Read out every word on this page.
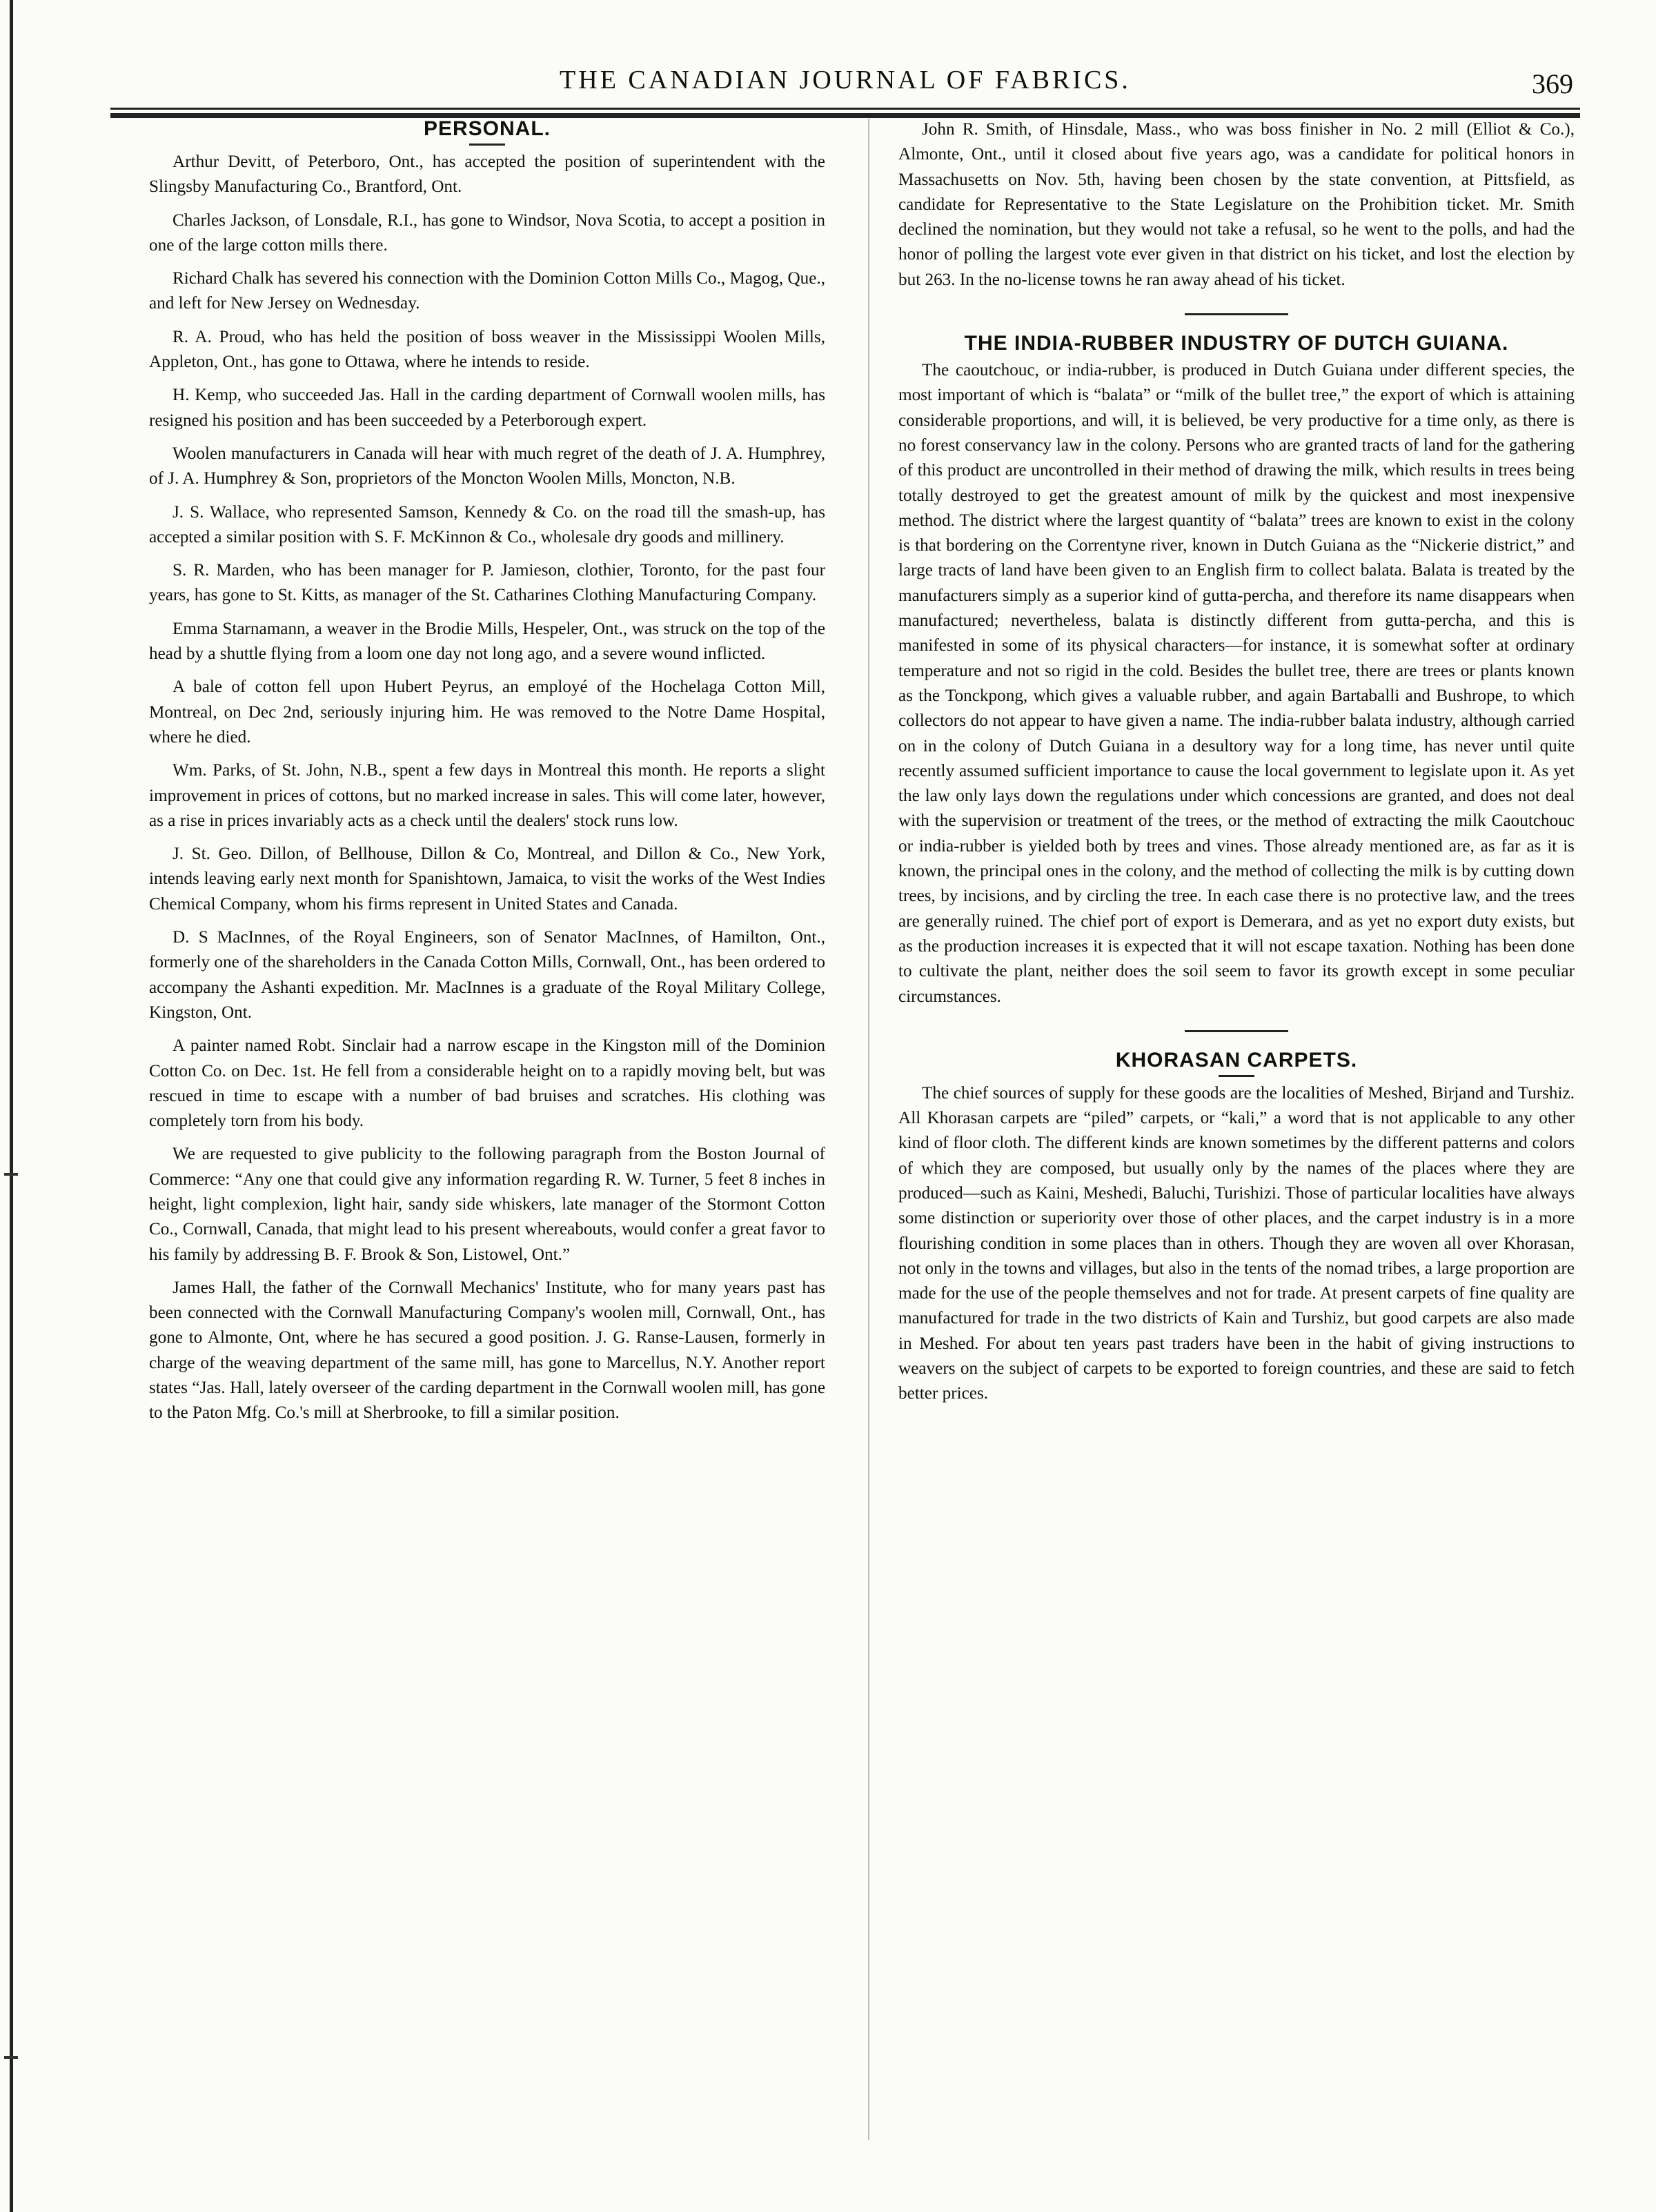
THE CANADIAN JOURNAL OF FABRICS.	369
PERSONAL.

Arthur Devitt, of Peterboro, Ont., has accepted the position of superintendent with the Slingsby Manufacturing Co., Brantford, Ont.

Charles Jackson, of Lonsdale, R.I., has gone to Windsor, Nova Scotia, to accept a position in one of the large cotton mills there.

Richard Chalk has severed his connection with the Dominion Cotton Mills Co., Magog, Que., and left for New Jersey on Wednesday.

R. A. Proud, who has held the position of boss weaver in the Mississippi Woolen Mills, Appleton, Ont., has gone to Ottawa, where he intends to reside.

H. Kemp, who succeeded Jas. Hall in the carding department of Cornwall woolen mills, has resigned his position and has been succeeded by a Peterborough expert.

Woolen manufacturers in Canada will hear with much regret of the death of J. A. Humphrey, of J. A. Humphrey & Son, proprietors of the Moncton Woolen Mills, Moncton, N.B.

J. S. Wallace, who represented Samson, Kennedy & Co. on the road till the smash-up, has accepted a similar position with S. F. McKinnon & Co., wholesale dry goods and millinery.

S. R. Marden, who has been manager for P. Jamieson, clothier, Toronto, for the past four years, has gone to St. Kitts, as manager of the St. Catharines Clothing Manufacturing Company.

Emma Starnamann, a weaver in the Brodie Mills, Hespeler, Ont., was struck on the top of the head by a shuttle flying from a loom one day not long ago, and a severe wound inflicted.

A bale of cotton fell upon Hubert Peyrus, an employé of the Hochelaga Cotton Mill, Montreal, on Dec 2nd, seriously injuring him. He was removed to the Notre Dame Hospital, where he died.

Wm. Parks, of St. John, N.B., spent a few days in Montreal this month. He reports a slight improvement in prices of cottons, but no marked increase in sales. This will come later, however, as a rise in prices invariably acts as a check until the dealers' stock runs low.

J. St. Geo. Dillon, of Bellhouse, Dillon & Co, Montreal, and Dillon & Co., New York, intends leaving early next month for Spanishtown, Jamaica, to visit the works of the West Indies Chemical Company, whom his firms represent in United States and Canada.

D. S MacInnes, of the Royal Engineers, son of Senator MacInnes, of Hamilton, Ont., formerly one of the shareholders in the Canada Cotton Mills, Cornwall, Ont., has been ordered to accompany the Ashanti expedition. Mr. MacInnes is a graduate of the Royal Military College, Kingston, Ont.

A painter named Robt. Sinclair had a narrow escape in the Kingston mill of the Dominion Cotton Co. on Dec. 1st. He fell from a considerable height on to a rapidly moving belt, but was rescued in time to escape with a number of bad bruises and scratches. His clothing was completely torn from his body.

We are requested to give publicity to the following paragraph from the Boston Journal of Commerce: “Any one that could give any information regarding R. W. Turner, 5 feet 8 inches in height, light complexion, light hair, sandy side whiskers, late manager of the Stormont Cotton Co., Cornwall, Canada, that might lead to his present whereabouts, would confer a great favor to his family by addressing B. F. Brook & Son, Listowel, Ont.”

James Hall, the father of the Cornwall Mechanics' Institute, who for many years past has been connected with the Cornwall Manufacturing Company's woolen mill, Cornwall, Ont., has gone to Almonte, Ont, where he has secured a good position. J. G. Ranse-Lausen, formerly in charge of the weaving department of the same mill, has gone to Marcellus, N.Y. Another report states “Jas. Hall, lately overseer of the carding department in the Cornwall woolen mill, has gone to the Paton Mfg. Co.'s mill at Sherbrooke, to fill a similar position.

John R. Smith, of Hinsdale, Mass., who was boss finisher in No. 2 mill (Elliot & Co.), Almonte, Ont., until it closed about five years ago, was a candidate for political honors in Massachusetts on Nov. 5th, having been chosen by the state convention, at Pittsfield, as candidate for Representative to the State Legislature on the Prohibition ticket. Mr. Smith declined the nomination, but they would not take a refusal, so he went to the polls, and had the honor of polling the largest vote ever given in that district on his ticket, and lost the election by but 263. In the no-license towns he ran away ahead of his ticket.

THE INDIA-RUBBER INDUSTRY OF DUTCH GUIANA.

The caoutchouc, or india-rubber, is produced in Dutch Guiana under different species, the most important of which is “balata” or “milk of the bullet tree,” the export of which is attaining considerable proportions, and will, it is believed, be very productive for a time only, as there is no forest conservancy law in the colony. Persons who are granted tracts of land for the gathering of this product are uncontrolled in their method of drawing the milk, which results in trees being totally destroyed to get the greatest amount of milk by the quickest and most inexpensive method. The district where the largest quantity of “balata” trees are known to exist in the colony is that bordering on the Correntyne river, known in Dutch Guiana as the “Nickerie district,” and large tracts of land have been given to an English firm to collect balata. Balata is treated by the manufacturers simply as a superior kind of gutta-percha, and therefore its name disappears when manufactured; nevertheless, balata is distinctly different from gutta-percha, and this is manifested in some of its physical characters—for instance, it is somewhat softer at ordinary temperature and not so rigid in the cold. Besides the bullet tree, there are trees or plants known as the Tonckpong, which gives a valuable rubber, and again Bartaballi and Bushrope, to which collectors do not appear to have given a name. The india-rubber balata industry, although carried on in the colony of Dutch Guiana in a desultory way for a long time, has never until quite recently assumed sufficient importance to cause the local government to legislate upon it. As yet the law only lays down the regulations under which concessions are granted, and does not deal with the supervision or treatment of the trees, or the method of extracting the milk Caoutchouc or india-rubber is yielded both by trees and vines. Those already mentioned are, as far as it is known, the principal ones in the colony, and the method of collecting the milk is by cutting down trees, by incisions, and by circling the tree. In each case there is no protective law, and the trees are generally ruined. The chief port of export is Demerara, and as yet no export duty exists, but as the production increases it is expected that it will not escape taxation. Nothing has been done to cultivate the plant, neither does the soil seem to favor its growth except in some peculiar circumstances.

KHORASAN CARPETS.

The chief sources of supply for these goods are the localities of Meshed, Birjand and Turshiz. All Khorasan carpets are “piled” carpets, or “kali,” a word that is not applicable to any other kind of floor cloth. The different kinds are known sometimes by the different patterns and colors of which they are composed, but usually only by the names of the places where they are produced—such as Kaini, Meshedi, Baluchi, Turishizi. Those of particular localities have always some distinction or superiority over those of other places, and the carpet industry is in a more flourishing condition in some places than in others. Though they are woven all over Khorasan, not only in the towns and villages, but also in the tents of the nomad tribes, a large proportion are made for the use of the people themselves and not for trade. At present carpets of fine quality are manufactured for trade in the two districts of Kain and Turshiz, but good carpets are also made in Meshed. For about ten years past traders have been in the habit of giving instructions to weavers on the subject of carpets to be exported to foreign countries, and these are said to fetch better prices.
